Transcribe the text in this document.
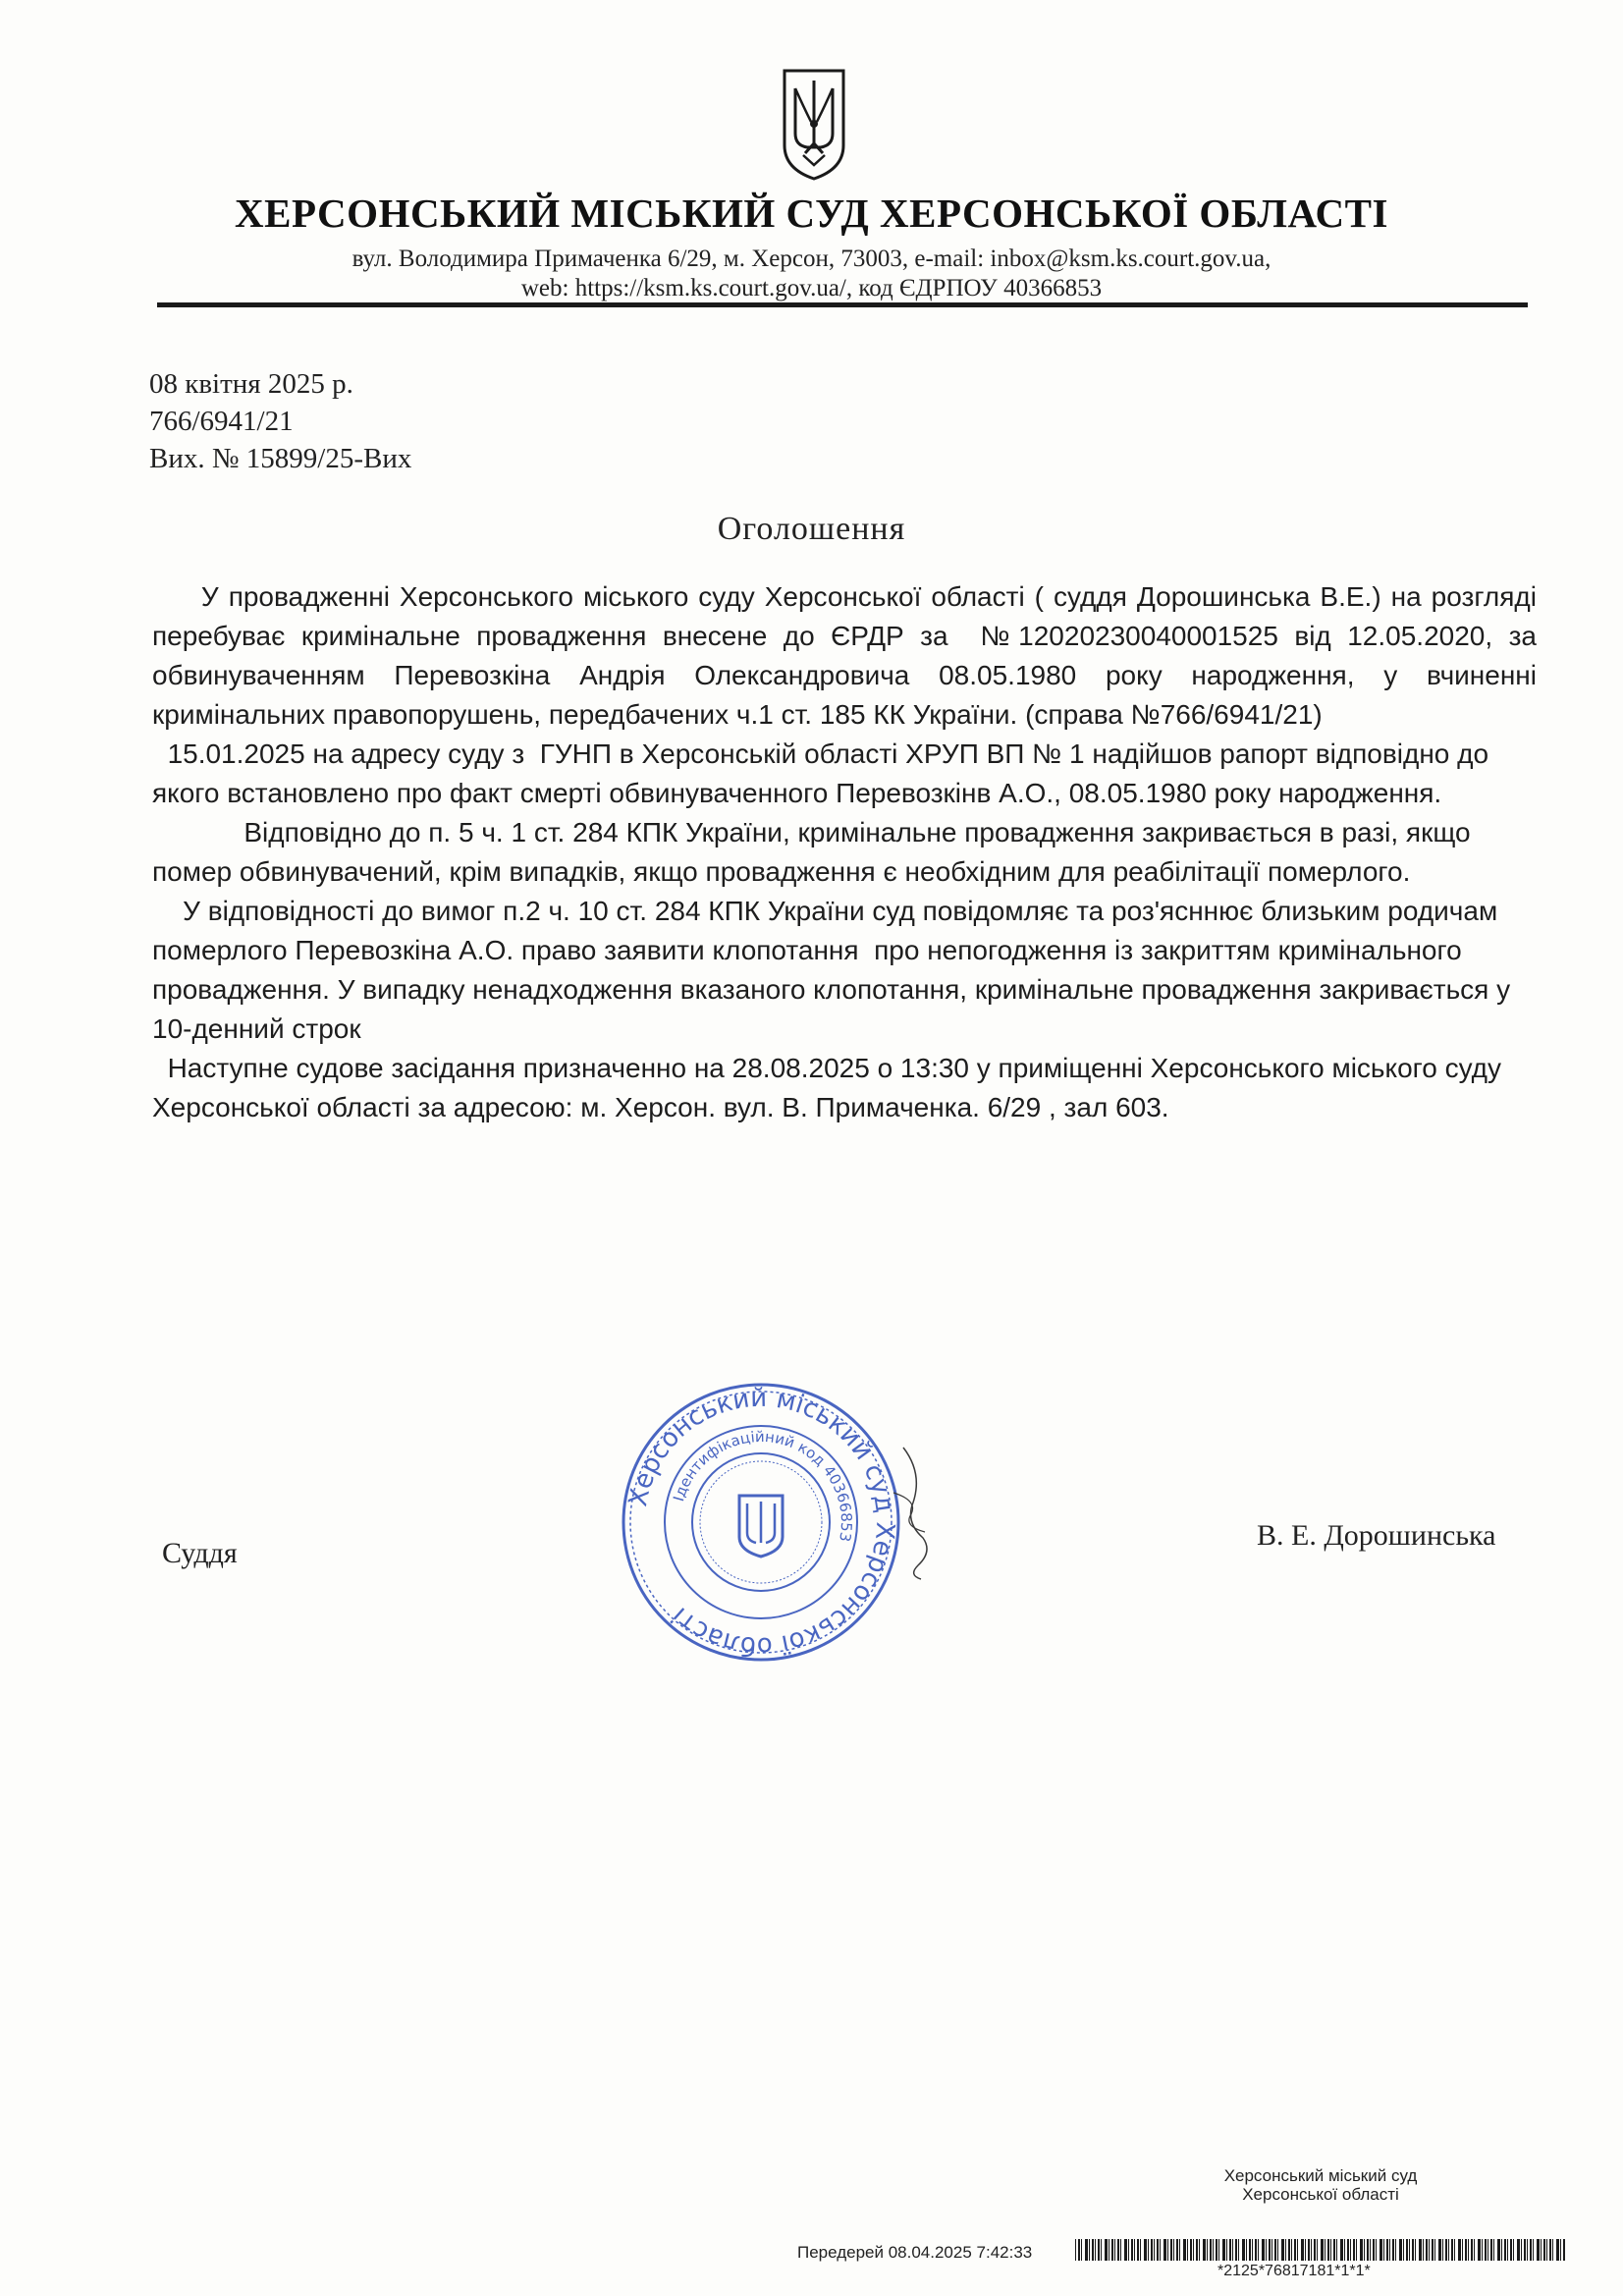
ХЕРСОНСЬКИЙ МІСЬКИЙ СУД ХЕРСОНСЬКОЇ ОБЛАСТІ
вул. Володимира Примаченка 6/29, м. Херсон, 73003, e-mail: inbox@ksm.ks.court.gov.ua,
web: https://ksm.ks.court.gov.ua/, код ЄДРПОУ 40366853
08 квітня 2025 р.
766/6941/21
Вих. № 15899/25-Вих
Оголошення

У провадженні Херсонського міського суду Херсонської області ( суддя Дорошинська В.Е.) на розгляді перебуває кримінальне провадження внесене до ЄРДР за  №12020230040001525 від 12.05.2020, за обвинуваченням Перевозкіна Андрія Олександровича 08.05.1980 року народження, у вчиненні кримінальних правопорушень, передбачених ч.1 ст. 185 КК України. (справа №766/6941/21)

15.01.2025 на адресу суду з  ГУНП в Херсонській області ХРУП ВП № 1 надійшов рапорт відповідно до якого встановлено про факт смерті обвинуваченного Перевозкінв А.О., 08.05.1980 року народження.

Відповідно до п. 5 ч. 1 ст. 284 КПК України, кримінальне провадження закривається в разі, якщо помер обвинувачений, крім випадків, якщо провадження є необхідним для реабілітації померлого.

У відповідності до вимог п.2 ч. 10 ст. 284 КПК України суд повідомляє та роз'ясннює близьким родичам померлого Перевозкіна А.О. право заявити клопотання  про непогодження із закриттям кримінального провадження. У випадку ненадходження вказаного клопотання, кримінальне провадження закривається у 10-денний строк

Наступне судове засідання призначенно на 28.08.2025 о 13:30 у приміщенні Херсонського міського суду Херсонської області за адресою: м. Херсон. вул. В. Примаченка. 6/29 , зал 603.

Херсонський міський суд Херсонської області
Ідентифікаційний код 40366853
Суддя
В. Е. Дорошинська
Херсонський міський суд
Херсонської області
Передерей 08.04.2025 7:42:33
*2125*76817181*1*1*
